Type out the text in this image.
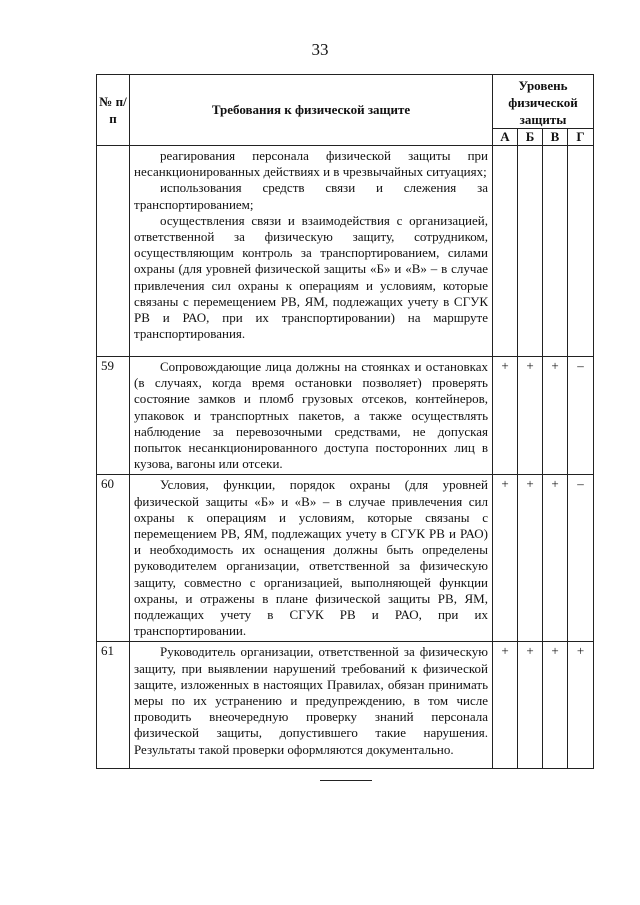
33
№ п/п	Требования к физической защите	Уровень физической защиты			
		А	Б	В	Г

	реагирования персонала физической защиты при несанкционированных действиях и в чрезвычайных ситуациях;

использования средств связи и слежения за транспортированием;

осуществления связи и взаимодействия с организацией, ответственной за физическую защиту, сотрудником, осуществляющим контроль за транспортированием, силами охраны (для уровней физической защиты «Б» и «В» – в случае привлечения сил охраны к операциям и условиям, которые связаны с перемещением РВ, ЯМ, подлежащих учету в СГУК РВ и РАО, при их транспортировании) на маршруте транспортирования.				

59	Сопровождающие лица должны на стоянках и остановках (в случаях, когда время остановки позволяет) проверять состояние замков и пломб грузовых отсеков, контейнеров, упаковок и транспортных пакетов, а также осуществлять наблюдение за перевозочными средствами, не допуская попыток несанкционированного доступа посторонних лиц в кузова, вагоны или отсеки.	+	+	+	–
60	Условия, функции, порядок охраны (для уровней физической защиты «Б» и «В» – в случае привлечения сил охраны к операциям и условиям, которые связаны с перемещением РВ, ЯМ, подлежащих учету в СГУК РВ и РАО) и необходимость их оснащения должны быть определены руководителем организации, ответственной за физическую защиту, совместно с организацией, выполняющей функции охраны, и отражены в плане физической защиты РВ, ЯМ, подлежащих учету в СГУК РВ и РАО, при их транспортировании.	+	+	+	–
61	Руководитель организации, ответственной за физическую защиту, при выявлении нарушений требований к физической защите, изложенных в настоящих Правилах, обязан принимать меры по их устранению и предупреждению, в том числе проводить внеочередную проверку знаний персонала физической защиты, допустившего такие нарушения. Результаты такой проверки оформляются документально.	+	+	+	+
